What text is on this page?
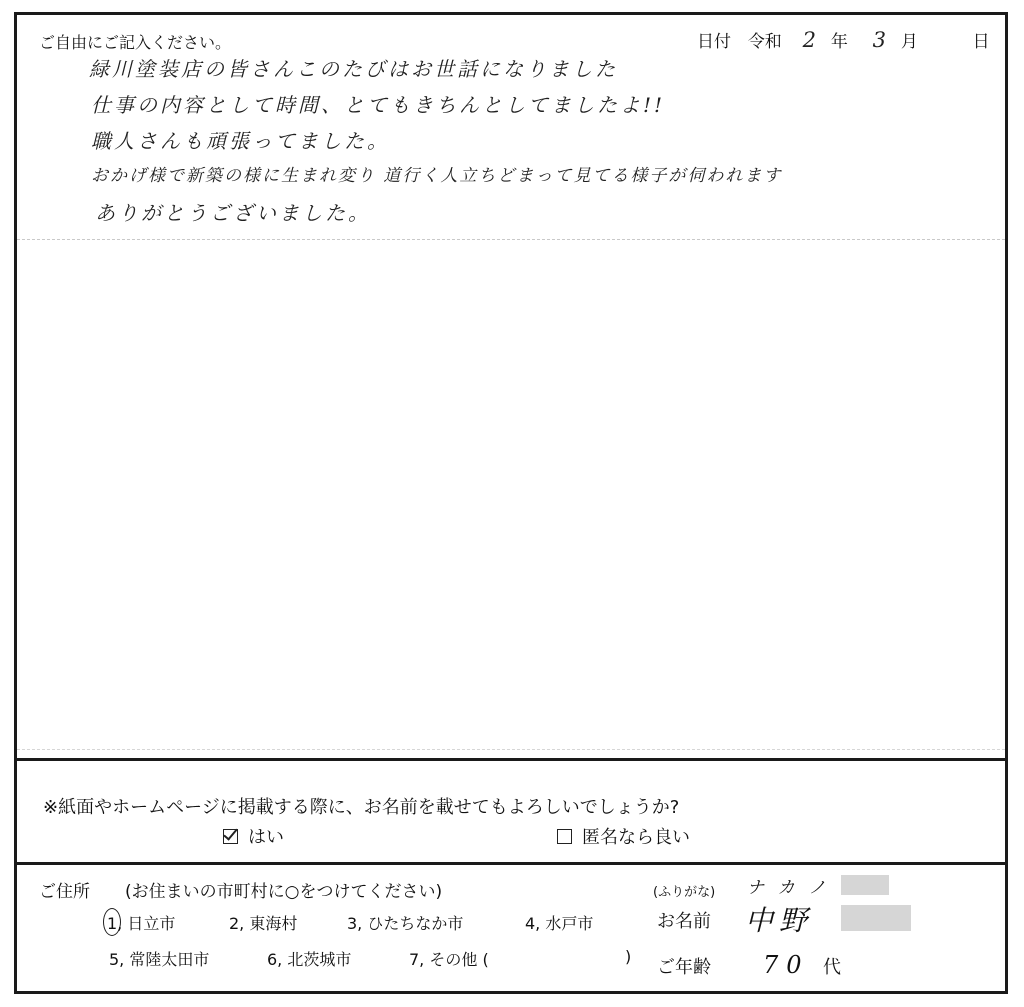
ご自由にご記入ください。	日付 令和 2 年 3 月	日
緑川塗装店の皆さんこのたびはお世話になりました
仕事の内容として時間、とてもきちんとしてましたよ!!
職人さんも頑張ってました。
おかげ様で新築の様に生まれ変り 道行く人立ちどまって見てる様子が伺われます
ありがとうございました。
※紙面やホームページに掲載する際に、お名前を載せてもよろしいでしょうか?
はい	匿名なら良い
ご住所 (お住まいの市町村に○をつけてください)
1, 日立市	2, 東海村	3, ひたちなか市	4, 水戸市
5, 常陸太田市	6, 北茨城市	7, その他 (	)
(ふりがな) ナカノ
お名前 中野
ご年齢 70 代
